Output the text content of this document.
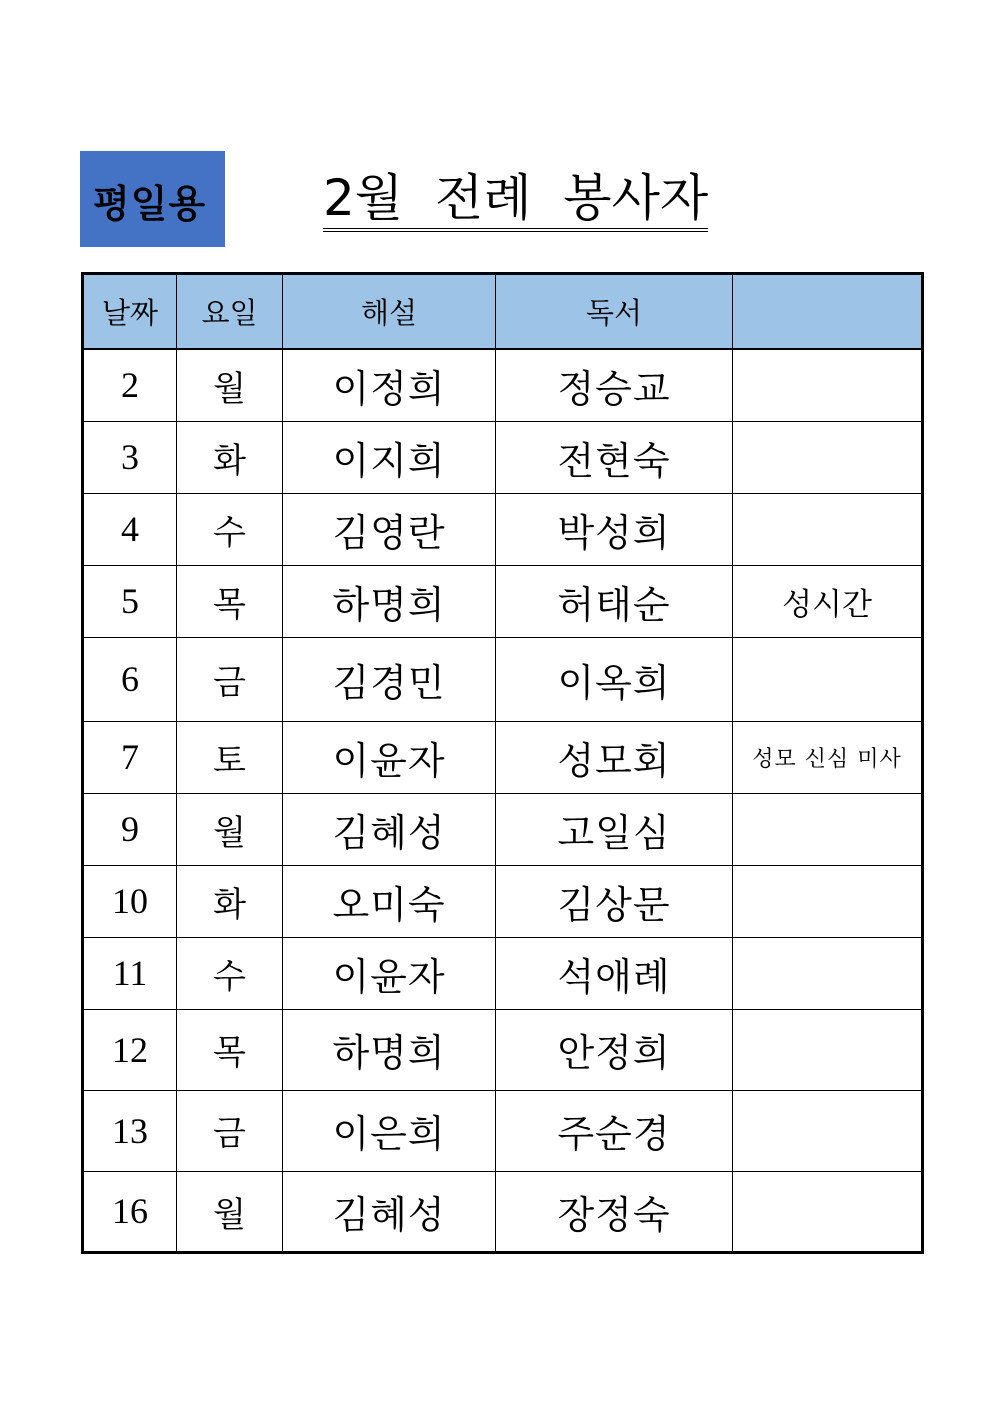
평일용	2월  전례  봉사자
날짜	요일	해설	독서	
2	월	이정희	정승교	
3	화	이지희	전현숙	
4	수	김영란	박성희	
5	목	하명희	허태순	성시간
6	금	김경민	이옥희	
7	토	이윤자	성모회	성모 신심 미사
9	월	김혜성	고일심	
10	화	오미숙	김상문	
11	수	이윤자	석애례	
12	목	하명희	안정희	
13	금	이은희	주순경	
16	월	김혜성	장정숙	
